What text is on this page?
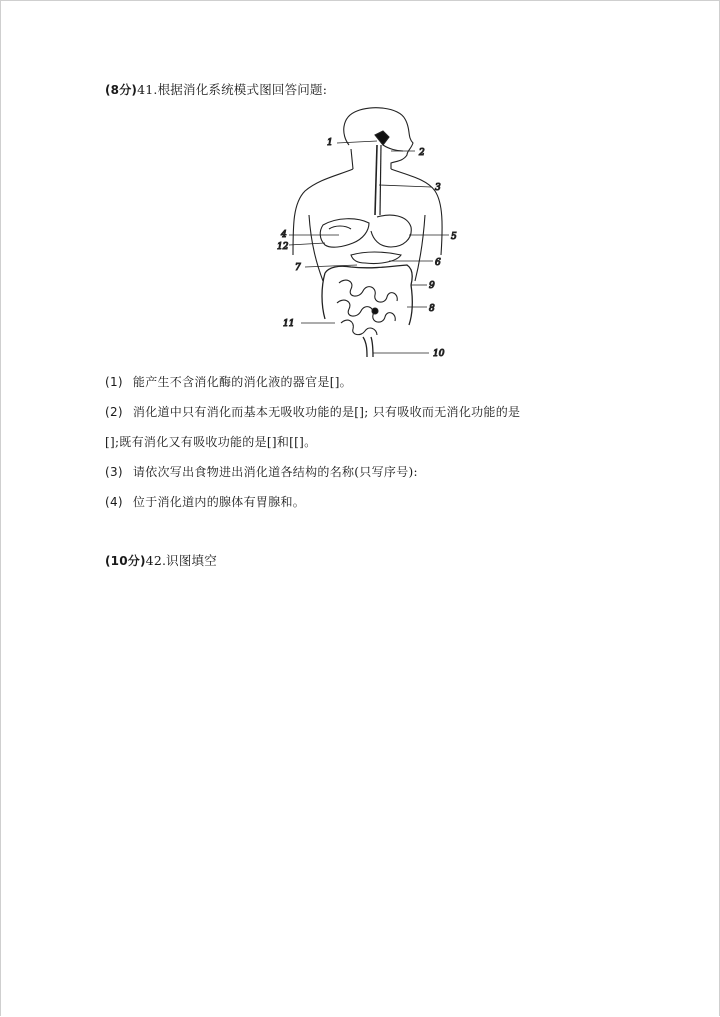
(8分)41.根据消化系统模式图回答问题:
1
2
3
4	5
6
7
8
9
10
11
12
(1) 能产生不含消化酶的消化液的器官是[]。
(2) 消化道中只有消化而基本无吸收功能的是[]; 只有吸收而无消化功能的是
[];既有消化又有吸收功能的是[]和[[]。
(3) 请依次写出食物进出消化道各结构的名称(只写序号):
(4) 位于消化道内的腺体有胃腺和。
(10分)42.识图填空
